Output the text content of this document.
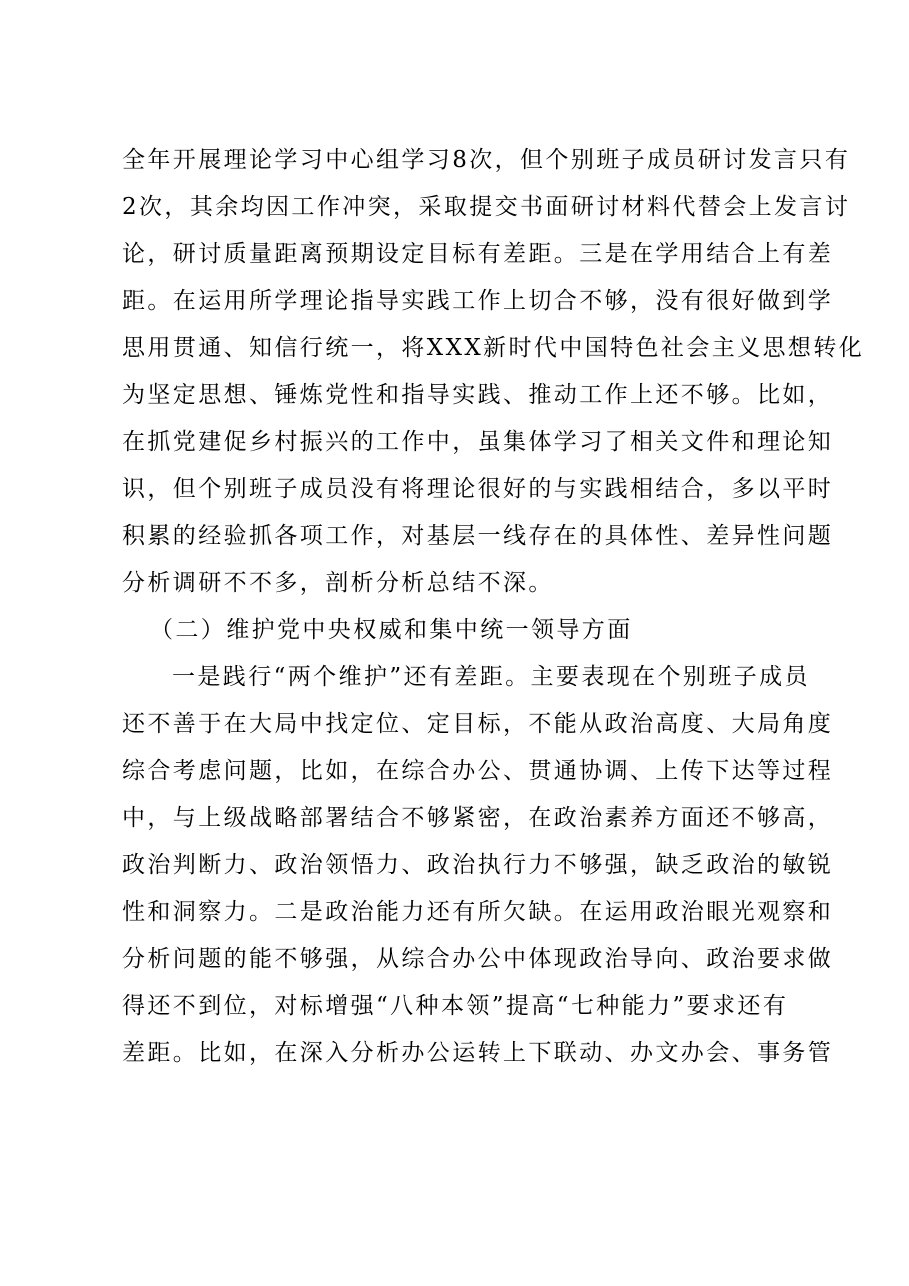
全年开展理论学习中心组学习8次，但个别班子成员研讨发言只有
2次，其余均因工作冲突，采取提交书面研讨材料代替会上发言讨
论，研讨质量距离预期设定目标有差距。三是在学用结合上有差
距。在运用所学理论指导实践工作上切合不够，没有很好做到学
思用贯通、知信行统一，将XXX新时代中国特色社会主义思想转化
为坚定思想、锤炼党性和指导实践、推动工作上还不够。比如，
在抓党建促乡村振兴的工作中，虽集体学习了相关文件和理论知
识，但个别班子成员没有将理论很好的与实践相结合，多以平时
积累的经验抓各项工作，对基层一线存在的具体性、差异性问题
分析调研不不多，剖析分析总结不深。
（二）维护党中央权威和集中统一领导方面
一是践行“两个维护”还有差距。主要表现在个别班子成员
还不善于在大局中找定位、定目标，不能从政治高度、大局角度
综合考虑问题，比如，在综合办公、贯通协调、上传下达等过程
中，与上级战略部署结合不够紧密，在政治素养方面还不够高，
政治判断力、政治领悟力、政治执行力不够强，缺乏政治的敏锐
性和洞察力。二是政治能力还有所欠缺。在运用政治眼光观察和
分析问题的能不够强，从综合办公中体现政治导向、政治要求做
得还不到位，对标增强“八种本领”提高“七种能力”要求还有
差距。比如，在深入分析办公运转上下联动、办文办会、事务管
